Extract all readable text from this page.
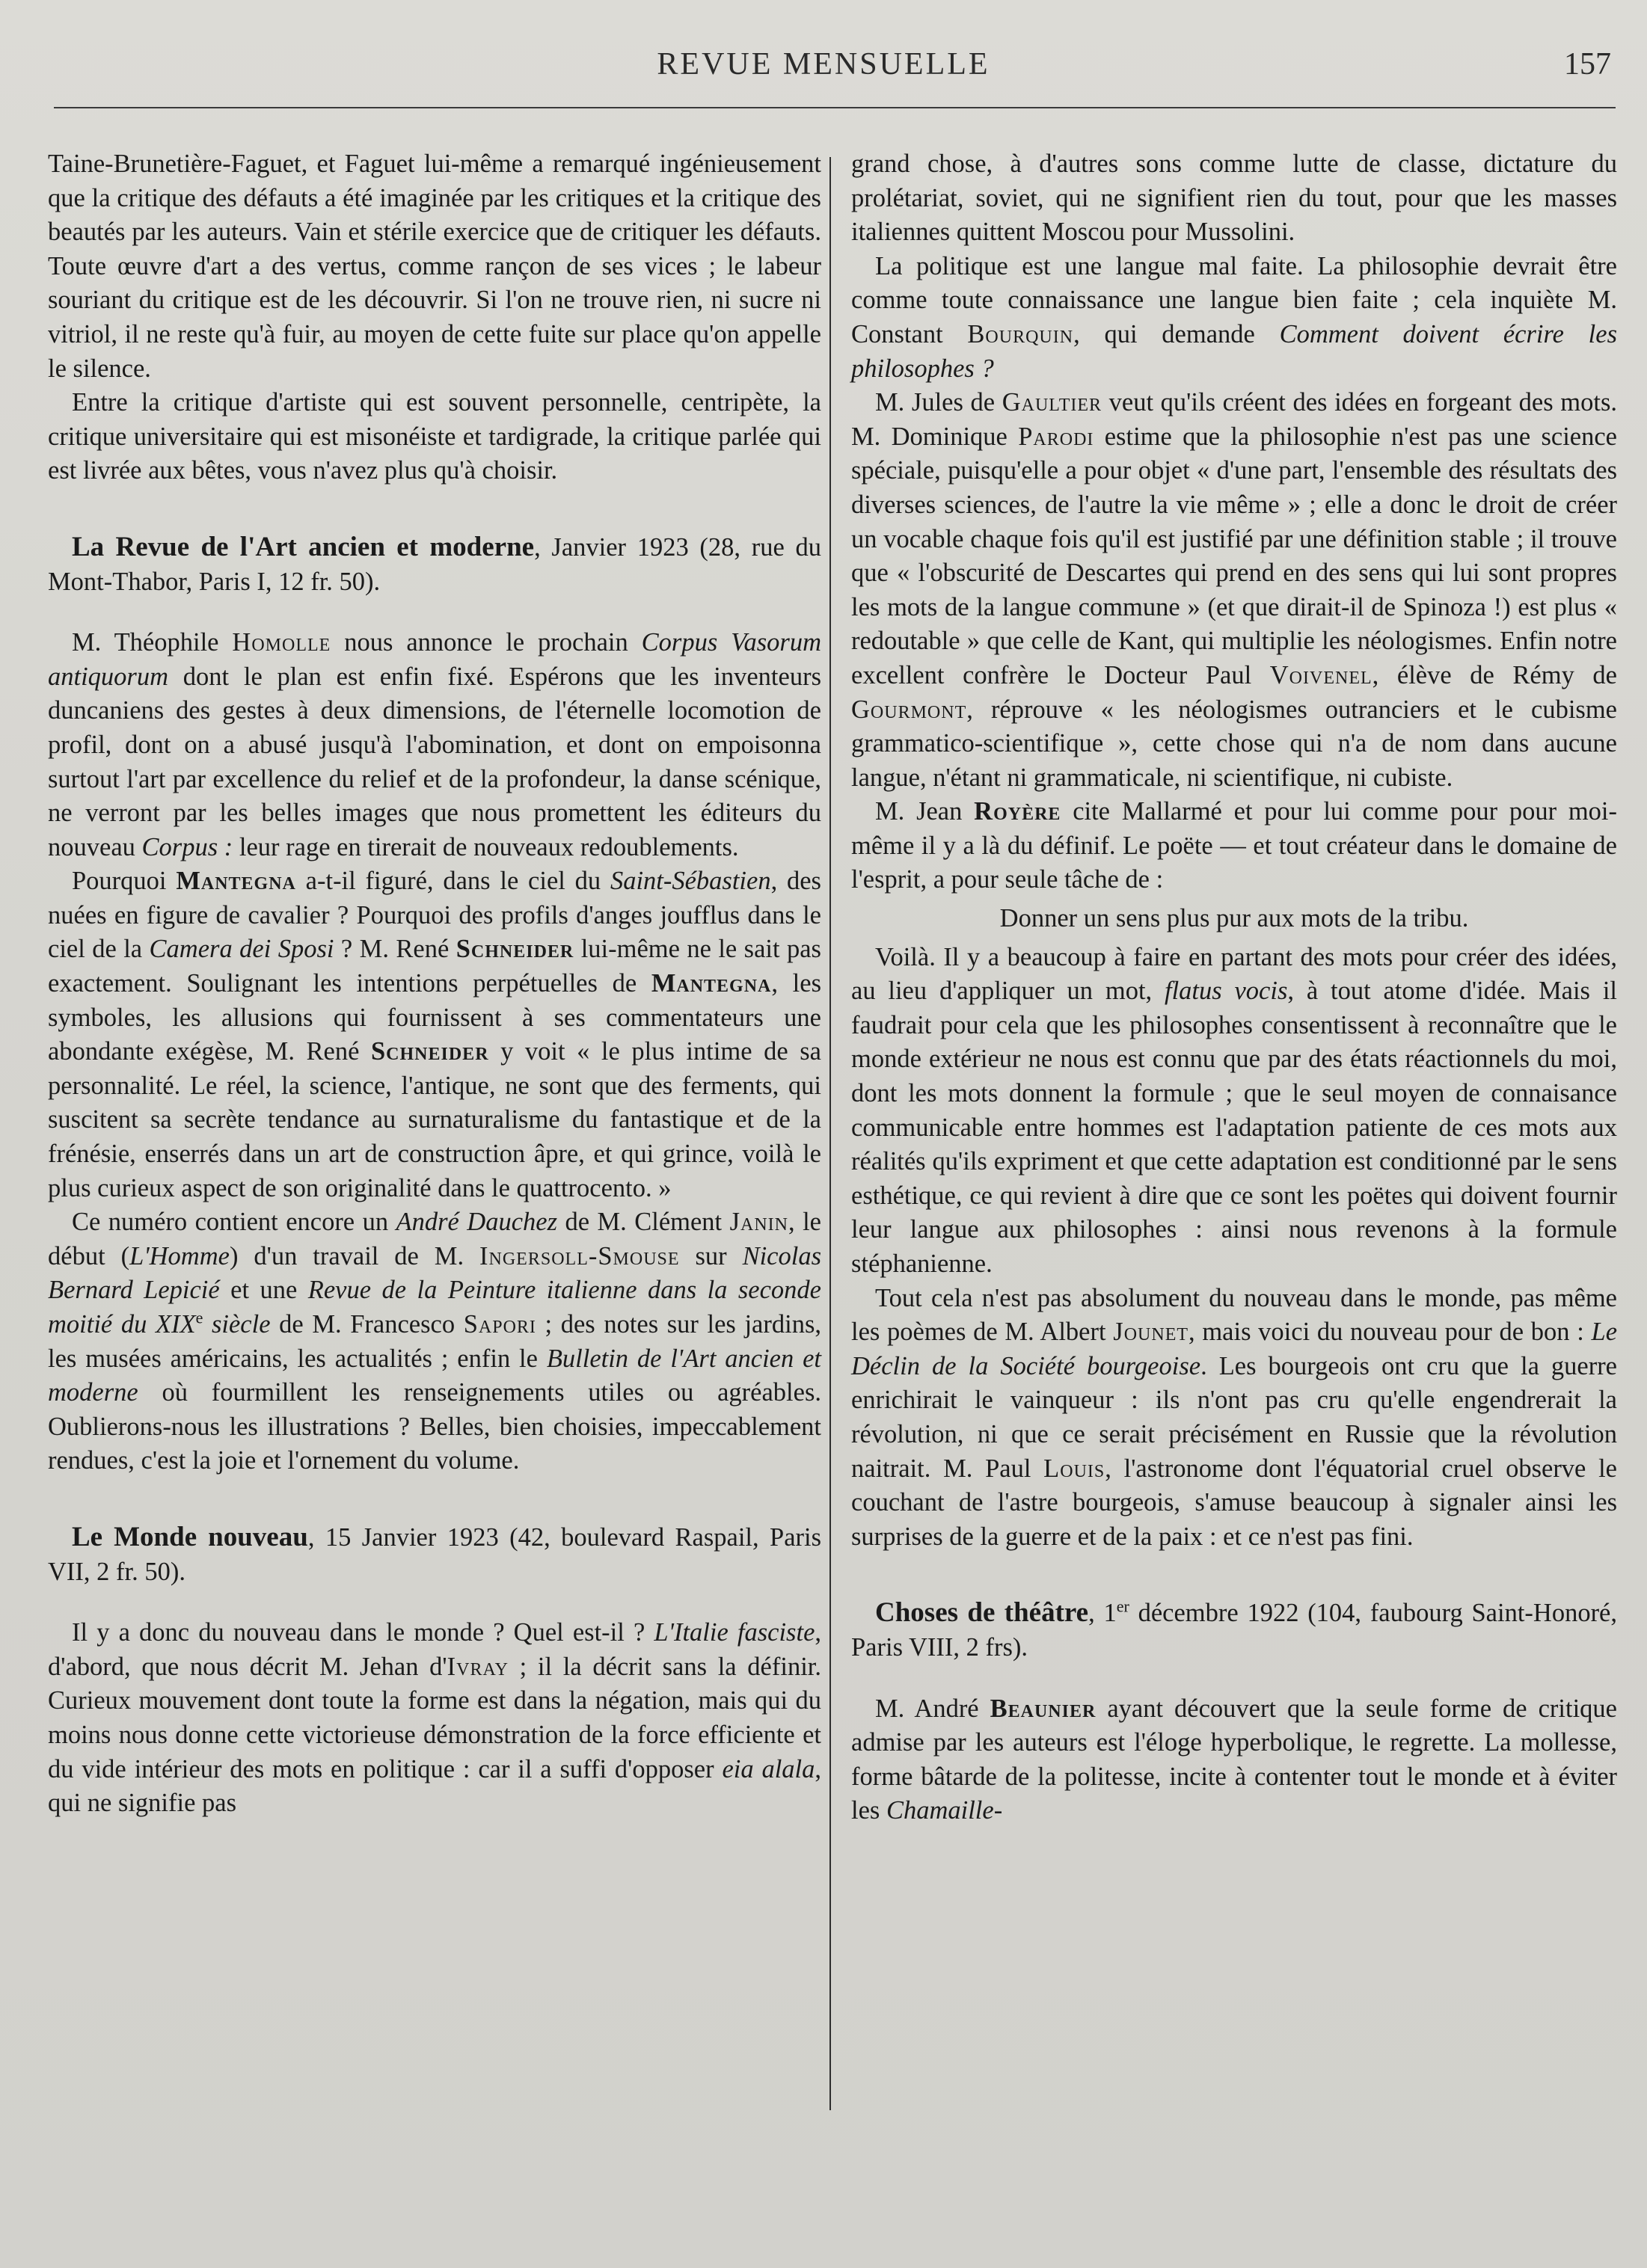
REVUE MENSUELLE	157

Taine-Brunetière-Faguet, et Faguet lui-même a remarqué ingénieusement que la critique des défauts a été imaginée par les critiques et la critique des beautés par les auteurs. Vain et stérile exercice que de critiquer les défauts. Toute œuvre d'art a des vertus, comme rançon de ses vices ; le labeur souriant du critique est de les découvrir. Si l'on ne trouve rien, ni sucre ni vitriol, il ne reste qu'à fuir, au moyen de cette fuite sur place qu'on appelle le silence.

Entre la critique d'artiste qui est souvent personnelle, centripète, la critique universitaire qui est misonéiste et tardigrade, la critique parlée qui est livrée aux bêtes, vous n'avez plus qu'à choisir.

La Revue de l'Art ancien et moderne, Janvier 1923 (28, rue du Mont-Thabor, Paris I, 12 fr. 50).

M. Théophile Homolle nous annonce le prochain Corpus Vasorum antiquorum dont le plan est enfin fixé. Espérons que les inventeurs duncaniens des gestes à deux dimensions, de l'éternelle locomotion de profil, dont on a abusé jusqu'à l'abomination, et dont on empoisonna surtout l'art par excellence du relief et de la profondeur, la danse scénique, ne verront par les belles images que nous promettent les éditeurs du nouveau Corpus : leur rage en tirerait de nouveaux redoublements.

Pourquoi Mantegna a-t-il figuré, dans le ciel du Saint-Sébastien, des nuées en figure de cavalier ? Pourquoi des profils d'anges joufflus dans le ciel de la Camera dei Sposi ? M. René Schneider lui-même ne le sait pas exactement. Soulignant les intentions perpétuelles de Mantegna, les symboles, les allusions qui fournissent à ses commentateurs une abondante exégèse, M. René Schneider y voit « le plus intime de sa personnalité. Le réel, la science, l'antique, ne sont que des ferments, qui suscitent sa secrète tendance au surnaturalisme du fantastique et de la frénésie, enserrés dans un art de construction âpre, et qui grince, voilà le plus curieux aspect de son originalité dans le quattrocento. »

Ce numéro contient encore un André Dauchez de M. Clément Janin, le début (L'Homme) d'un travail de M. Ingersoll-Smouse sur Nicolas Bernard Lepicié et une Revue de la Peinture italienne dans la seconde moitié du XIXe siècle de M. Francesco Sapori ; des notes sur les jardins, les musées américains, les actualités ; enfin le Bulletin de l'Art ancien et moderne où fourmillent les renseignements utiles ou agréables. Oublierons-nous les illustrations ? Belles, bien choisies, impeccablement rendues, c'est la joie et l'ornement du volume.

Le Monde nouveau, 15 Janvier 1923 (42, boulevard Raspail, Paris VII, 2 fr. 50).

Il y a donc du nouveau dans le monde ? Quel est-il ? L'Italie fasciste, d'abord, que nous décrit M. Jehan d'Ivray ; il la décrit sans la définir. Curieux mouvement dont toute la forme est dans la négation, mais qui du moins nous donne cette victorieuse démonstration de la force efficiente et du vide intérieur des mots en politique : car il a suffi d'opposer eia alala, qui ne signifie pas

grand chose, à d'autres sons comme lutte de classe, dictature du prolétariat, soviet, qui ne signifient rien du tout, pour que les masses italiennes quittent Moscou pour Mussolini.

La politique est une langue mal faite. La philosophie devrait être comme toute connaissance une langue bien faite ; cela inquiète M. Constant Bourquin, qui demande Comment doivent écrire les philosophes ?

M. Jules de Gaultier veut qu'ils créent des idées en forgeant des mots. M. Dominique Parodi estime que la philosophie n'est pas une science spéciale, puisqu'elle a pour objet « d'une part, l'ensemble des résultats des diverses sciences, de l'autre la vie même » ; elle a donc le droit de créer un vocable chaque fois qu'il est justifié par une définition stable ; il trouve que « l'obscurité de Descartes qui prend en des sens qui lui sont propres les mots de la langue commune » (et que dirait-il de Spinoza !) est plus « redoutable » que celle de Kant, qui multiplie les néologismes. Enfin notre excellent confrère le Docteur Paul Voivenel, élève de Rémy de Gourmont, réprouve « les néologismes outranciers et le cubisme grammatico-scientifique », cette chose qui n'a de nom dans aucune langue, n'étant ni grammaticale, ni scientifique, ni cubiste.

M. Jean Royère cite Mallarmé et pour lui comme pour pour moi-même il y a là du définif. Le poëte — et tout créateur dans le domaine de l'esprit, a pour seule tâche de :

Donner un sens plus pur aux mots de la tribu.

Voilà. Il y a beaucoup à faire en partant des mots pour créer des idées, au lieu d'appliquer un mot, flatus vocis, à tout atome d'idée. Mais il faudrait pour cela que les philosophes consentissent à reconnaître que le monde extérieur ne nous est connu que par des états réactionnels du moi, dont les mots donnent la formule ; que le seul moyen de connaisance communicable entre hommes est l'adaptation patiente de ces mots aux réalités qu'ils expriment et que cette adaptation est conditionné par le sens esthétique, ce qui revient à dire que ce sont les poëtes qui doivent fournir leur langue aux philosophes : ainsi nous revenons à la formule stéphanienne.

Tout cela n'est pas absolument du nouveau dans le monde, pas même les poèmes de M. Albert Jounet, mais voici du nouveau pour de bon : Le Déclin de la Société bourgeoise. Les bourgeois ont cru que la guerre enrichirait le vainqueur : ils n'ont pas cru qu'elle engendrerait la révolution, ni que ce serait précisément en Russie que la révolution naitrait. M. Paul Louis, l'astronome dont l'équatorial cruel observe le couchant de l'astre bourgeois, s'amuse beaucoup à signaler ainsi les surprises de la guerre et de la paix : et ce n'est pas fini.

Choses de théâtre, 1er décembre 1922 (104, faubourg Saint-Honoré, Paris VIII, 2 frs).

M. André Beaunier ayant découvert que la seule forme de critique admise par les auteurs est l'éloge hyperbolique, le regrette. La mollesse, forme bâtarde de la politesse, incite à contenter tout le monde et à éviter les Chamaille-
